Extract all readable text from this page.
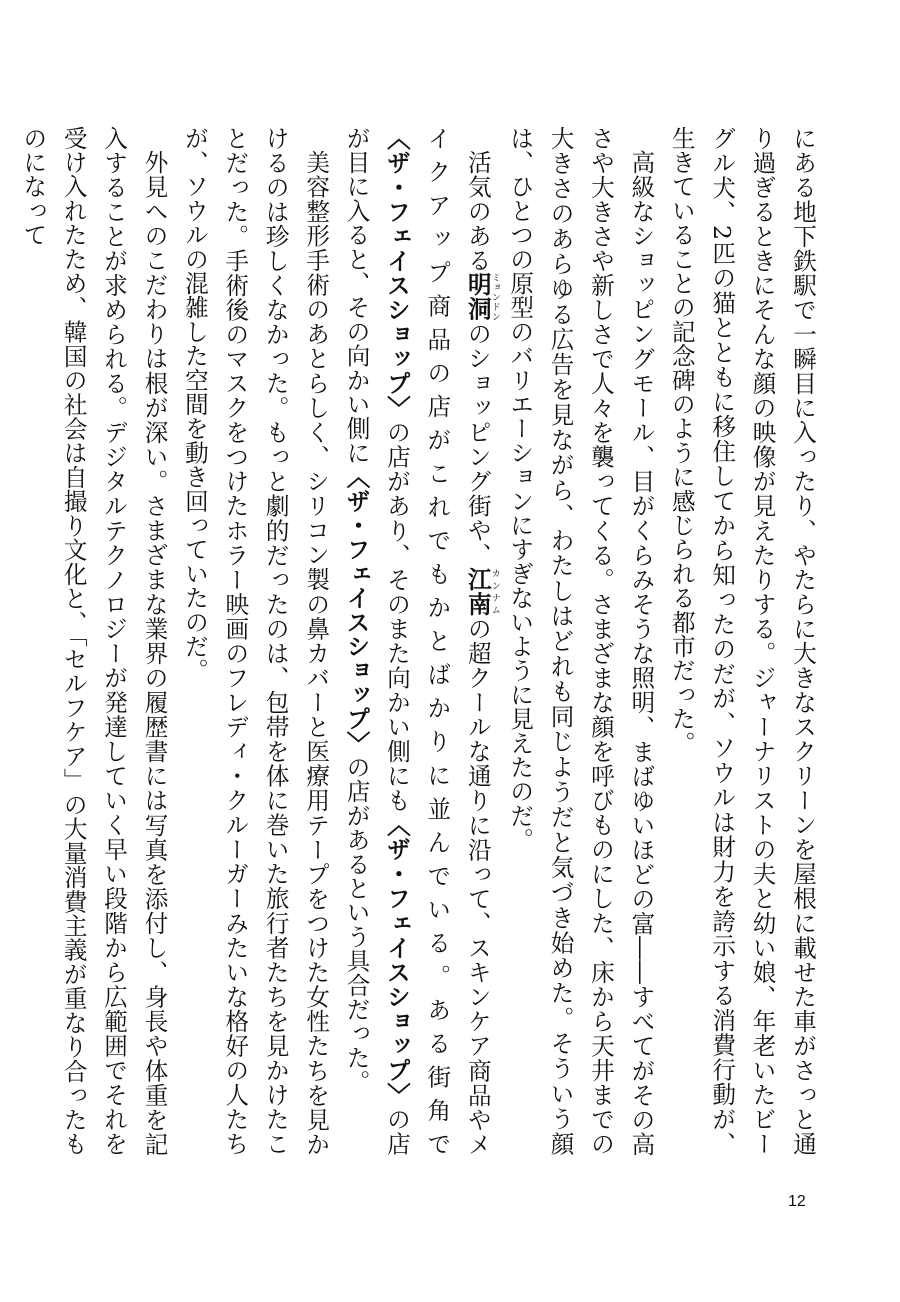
にある地下鉄駅で一瞬目に入ったり、やたらに大きなスクリーンを屋根に載せた車がさっと通り過ぎるときにそんな顔の映像が見えたりする。ジャーナリストの夫と幼い娘、年老いたビーグル犬、2匹の猫とともに移住してから知ったのだが、ソウルは財力を誇示する消費行動が、生きていることの記念碑のように感じられる都市だった。

高級なショッピングモール、目がくらみそうな照明、まばゆいほどの富――すべてがその高さや大きさや新しさで人々を襲ってくる。さまざまな顔を呼びものにした、床から天井までの大きさのあらゆる広告を見ながら、わたしはどれも同じようだと気づき始めた。そういう顔は、ひとつの原型のバリエーションにすぎないように見えたのだ。

活気のある明洞ミョンドンのショッピング街や、江南カンナムの超クールな通りに沿って、スキンケア商品やメイクアップ商品の店がこれでもかとばかりに並んでいる。ある街角で〈ザ・フェイスショップ〉の店があり、そのまた向かい側にも〈ザ・フェイスショップ〉の店が目に入ると、その向かい側に〈ザ・フェイスショップ〉の店があるという具合だった。

美容整形手術のあとらしく、シリコン製の鼻カバーと医療用テープをつけた女性たちを見かけるのは珍しくなかった。もっと劇的だったのは、包帯を体に巻いた旅行者たちを見かけたことだった。手術後のマスクをつけたホラー映画のフレディ・クルーガーみたいな格好の人たちが、ソウルの混雑した空間を動き回っていたのだ。

外見へのこだわりは根が深い。さまざまな業界の履歴書には写真を添付し、身長や体重を記入することが求められる。デジタルテクノロジーが発達していく早い段階から広範囲でそれを受け入れたため、韓国の社会は自撮り文化と、「セルフケア」の大量消費主義が重なり合ったものになって

12
